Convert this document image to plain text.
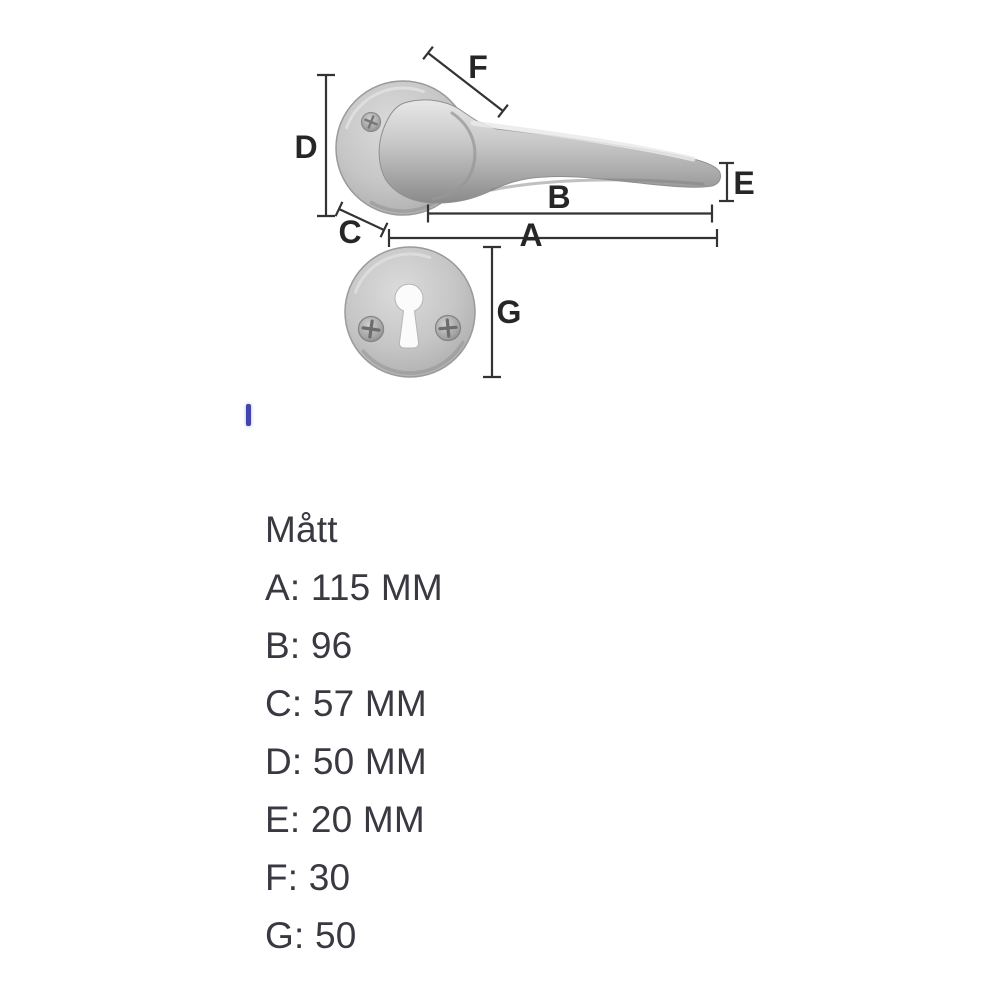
F
D
C
B
A
E
G
Mått
A: 115 MM
B: 96
C: 57 MM
D: 50 MM
E: 20 MM
F: 30
G: 50
